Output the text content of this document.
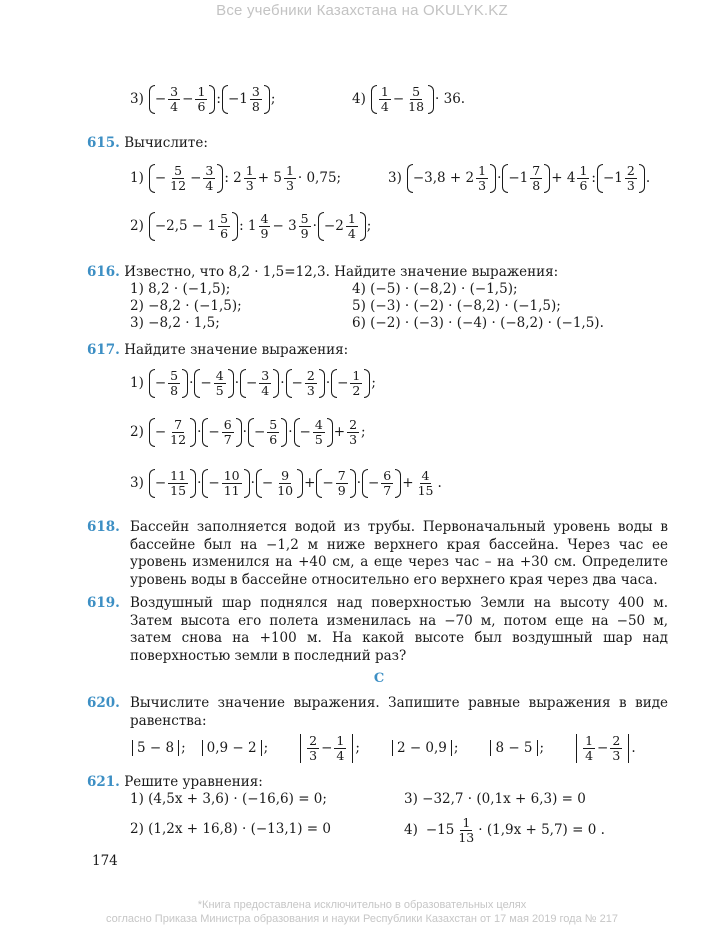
Все учебники Казахстана на OKULYK.KZ
$3) - \frac{3}{4} - \frac{1}{6}$ : $-1 \frac{3}{8}$ ;	$4) \frac{1}{4} - \frac{5}{18} \cdot 36$.
615. Вычислите:
$1) - \frac{5}{12} - \frac{3}{4}$ : $2 \frac{1}{3} + 5 \frac{1}{3} \cdot 0,75$;	$3) -3,8 + 2 \frac{1}{3} \cdot -1 \frac{7}{8} + 4 \frac{1}{6}$ : $-1 \frac{2}{3}$ .
$2) -2,5 - 1 \frac{5}{6}$ : $1 \frac{4}{9} - 3 \frac{5}{9} \cdot -2 \frac{1}{4}$ ;
616. Известно, что 8,2 · 1,5=12,3. Найдите значение выражения:
1) 8,2 · (−1,5);
2) −8,2 · (−1,5);
3) −8,2 · 1,5;
4) (−5) · (−8,2) · (−1,5);
5) (−3) · (−2) · (−8,2) · (−1,5);
6) (−2) · (−3) · (−4) · (−8,2) · (−1,5).
617. Найдите значение выражения:
$1) - \frac{5}{8}$ · − $\frac{4}{5}$ · − $\frac{3}{4}$ · − $\frac{2}{3}$ · − $\frac{1}{2}$ ;
$2) - \frac{7}{12}$ · − $\frac{6}{7}$ · − $\frac{5}{6}$ · − $\frac{4}{5} + \frac{2}{3}$ ;
$3) - \frac{11}{15}$ · − $\frac{10}{11}$ · − $\frac{9}{10}$ + − $\frac{7}{9}$ · − $\frac{6}{7} + \frac{4}{15}$ .
618. Бассейн заполняется водой из трубы. Первоначальный уровень воды в бассейне был на −1,2 м ниже верхнего края бассейна. Через час ее уровень изменился на +40 см, а еще через час – на +30 см. Определите уровень воды в бассейне относительно его верхнего края через два часа.
619. Воздушный шар поднялся над поверхностью Земли на высоту 400 м. Затем высота его полета изменилась на −70 м, потом еще на −50 м, затем снова на +100 м. На какой высоте был воздушный шар над поверхностью земли в последний раз?
C
620. Вычислите значение выражения. Запишите равные выражения в виде равенства:
5 − 8 ;	0,9 − 2 ;	$\frac{2}{3} - \frac{1}{4}$ ;	2 − 0,9 ;	8 − 5 ;	$\frac{1}{4} - \frac{2}{3}$ .
621. Решите уравнения:
1) (4,5x + 3,6) · (−16,6) = 0;	3) −32,7 · (0,1x + 6,3) = 0
2) (1,2x + 16,8) · (−13,1) = 0	$4) -15 \frac{1}{13} \cdot (1,9x + 5,7) = 0$ .
174
*Книга предоставлена исключительно в образовательных целях
согласно Приказа Министра образования и науки Республики Казахстан от 17 мая 2019 года № 217
